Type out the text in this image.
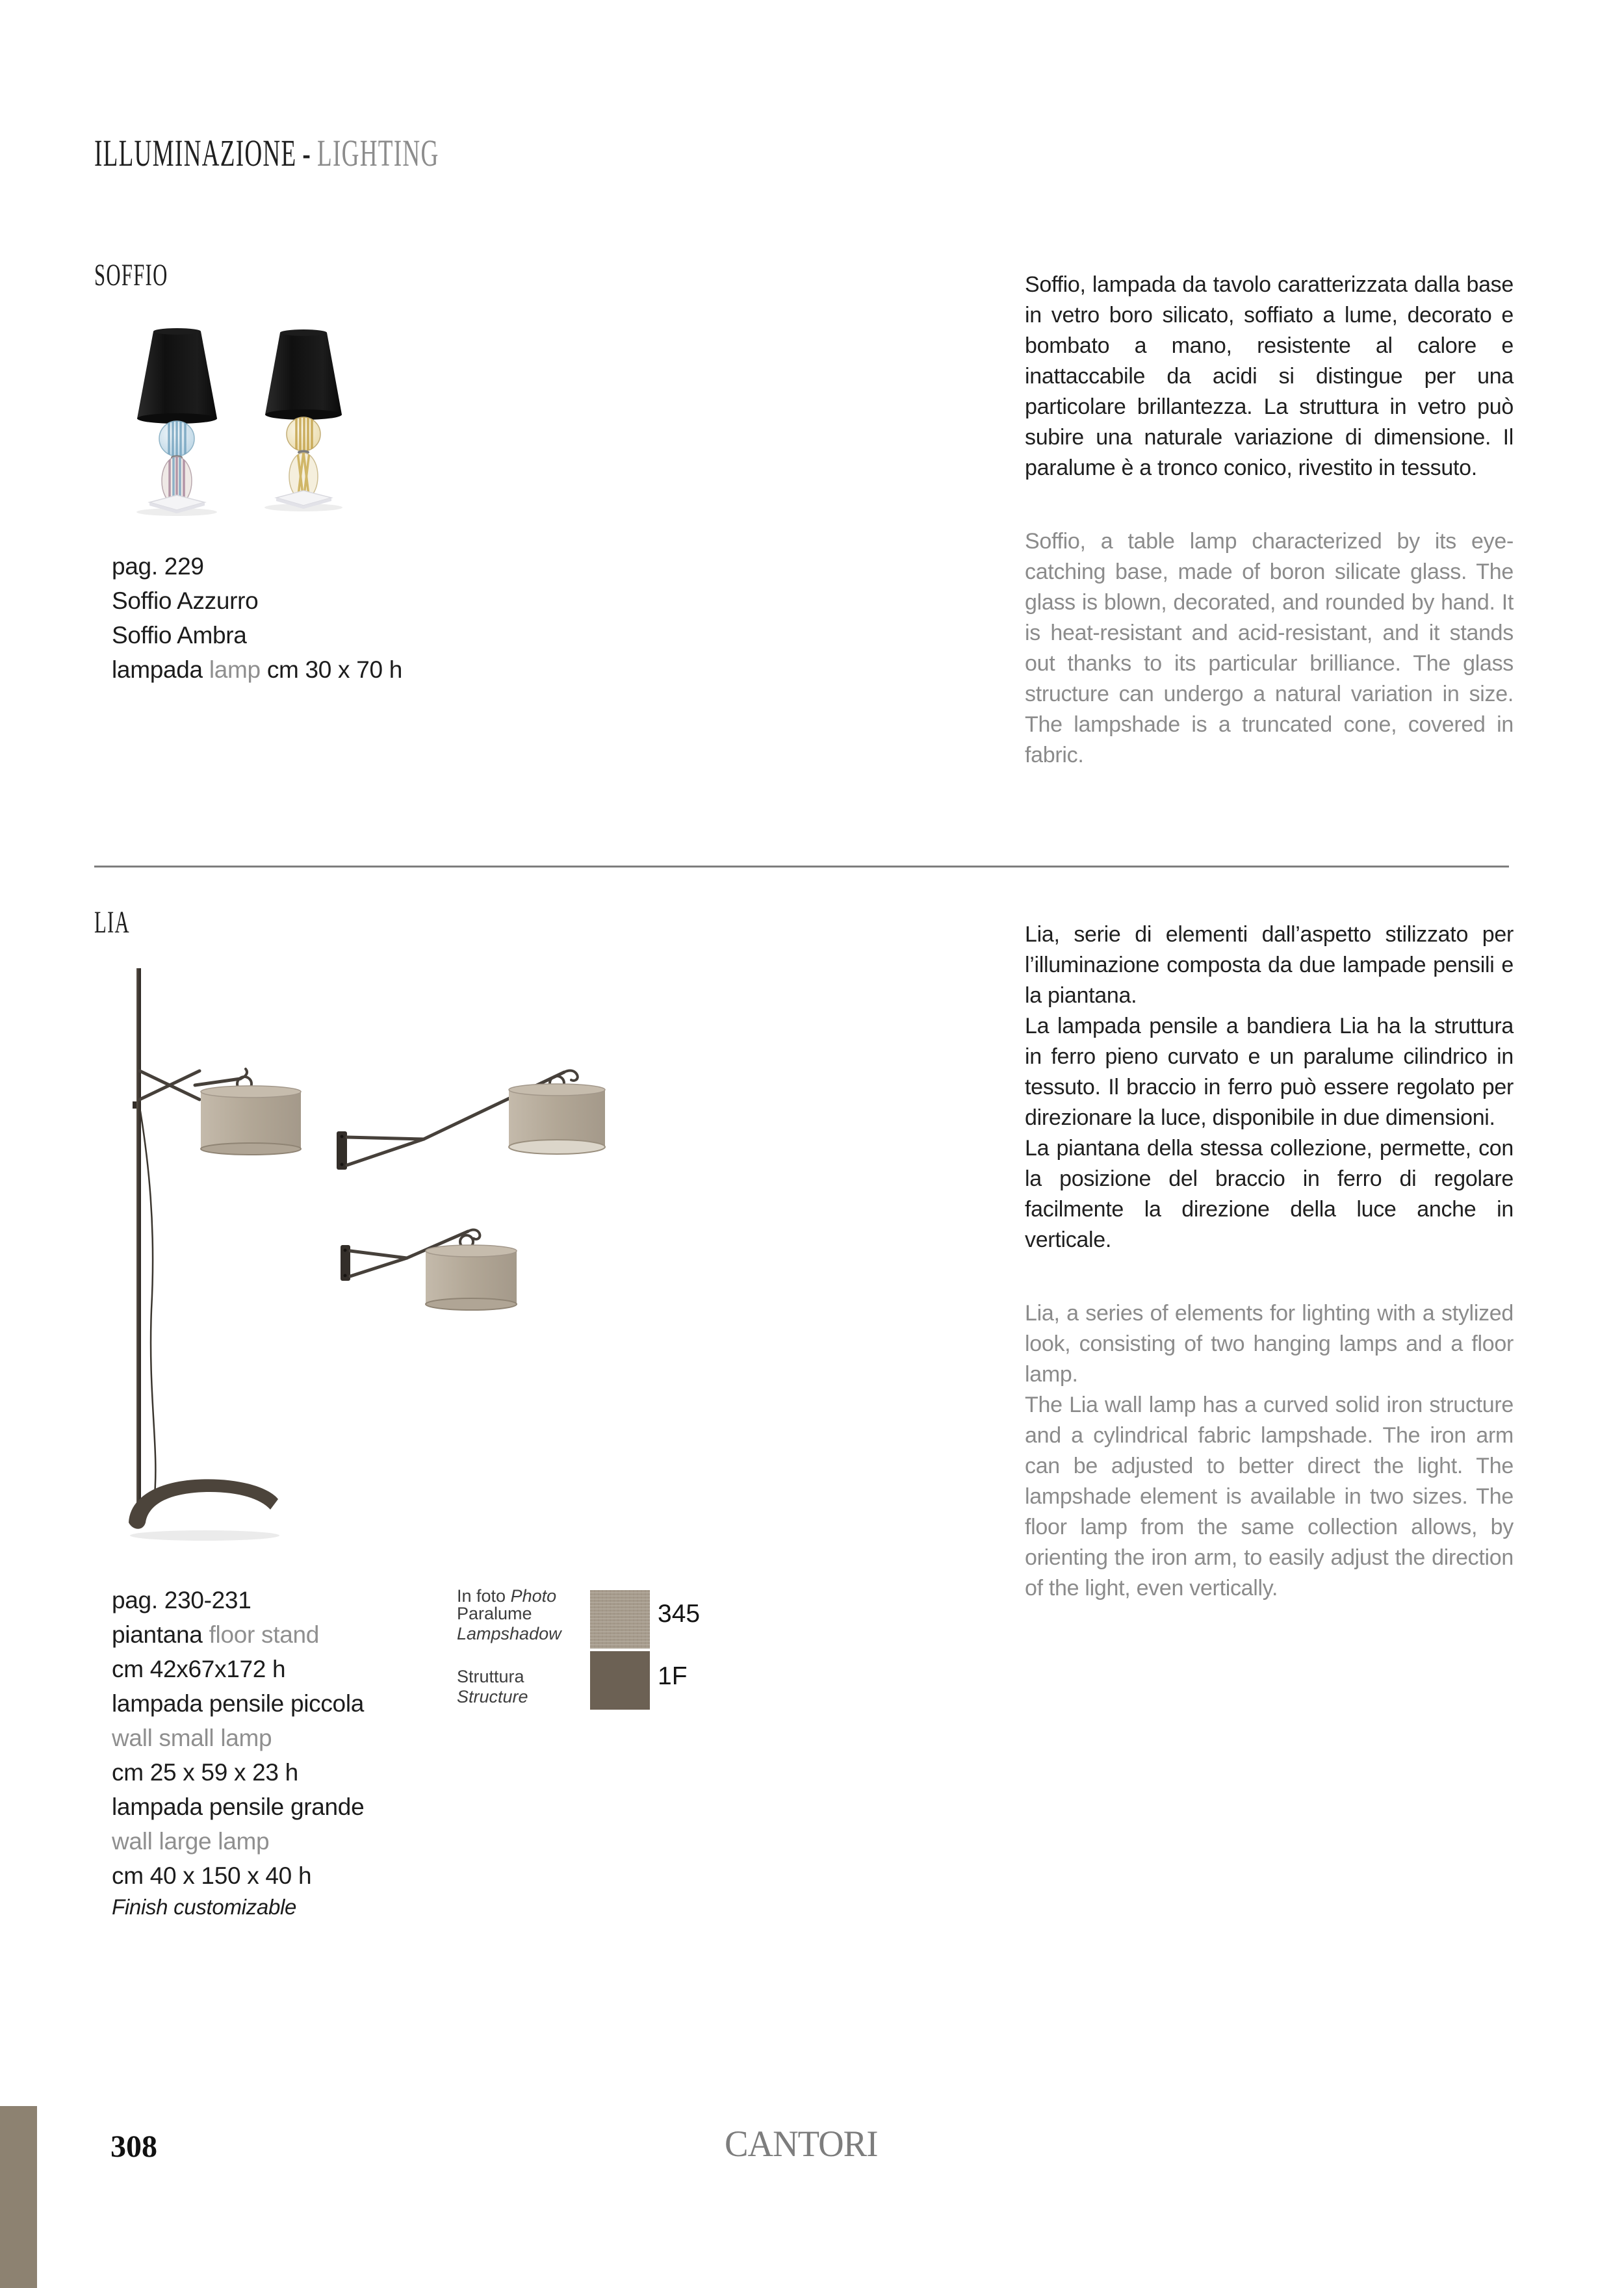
ILLUMINAZIONE - LIGHTING
SOFFIO
pag. 229
Soffio Azzurro
Soffio Ambra
lampada lamp cm 30 x 70 h

Soffio, lampada da tavolo caratterizzata dalla base in vetro boro silicato, soffiato a lume, decorato e bombato a mano, resistente al calore e inattaccabile da acidi si distingue per una particolare brillantezza. La struttura in vetro può subire una naturale variazione di dimensione. Il paralume è a tronco conico, rivestito in tessuto.

Soffio, a table lamp characterized by its eye-catching base, made of boron silicate glass. The glass is blown, decorated, and rounded by hand. It is heat-resistant and acid-resistant, and it stands out thanks to its particular brilliance. The glass structure can undergo a natural variation in size. The lampshade is a truncated cone, covered in fabric.

LIA
pag. 230-231
piantana floor stand
cm 42x67x172 h
lampada pensile piccola
wall small lamp
cm 25 x 59 x 23 h
lampada pensile grande
wall large lamp
cm 40 x 150 x 40 h
Finish customizable
In foto Photo
Paralume
Lampshadow
345
Struttura
Structure
1F

Lia, serie di elementi dall’aspetto stilizzato per l’illuminazione composta da due lampade pensili e la piantana.

La lampada pensile a bandiera Lia ha la struttura in ferro pieno curvato e un paralume cilindrico in tessuto. Il braccio in ferro può essere regolato per direzionare la luce, disponibile in due dimensioni.

La piantana della stessa collezione, permette, con la posizione del braccio in ferro di regolare facilmente la direzione della luce anche in verticale.

Lia, a series of elements for lighting with a stylized look, consisting of two hanging lamps and a floor lamp.

The Lia wall lamp has a curved solid iron structure and a cylindrical fabric lampshade. The iron arm can be adjusted to better direct the light. The lampshade element is available in two sizes. The floor lamp from the same collection allows, by orienting the iron arm, to easily adjust the direction of the light, even vertically.

308	CANTORI
